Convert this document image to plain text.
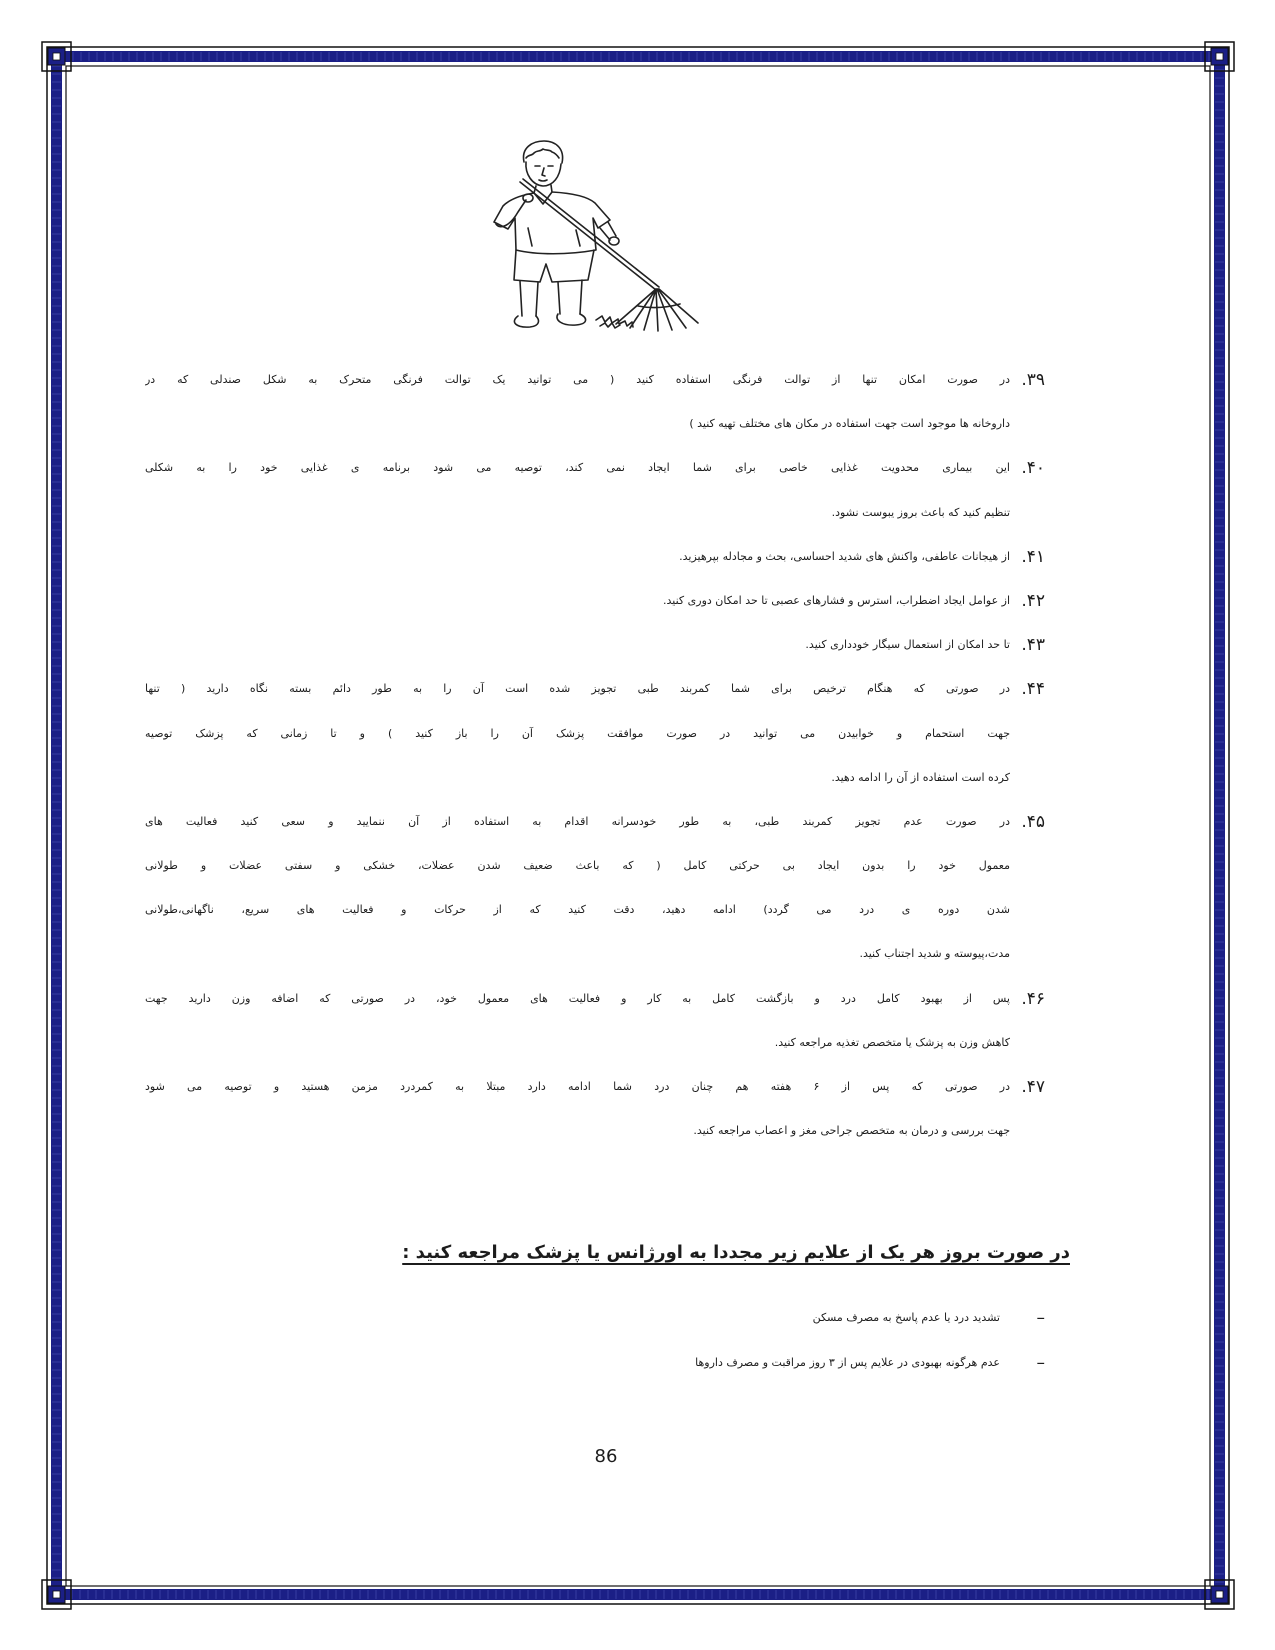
۳۹.
در صورت امکان تنها از توالت فرنگی استفاده کنید ( می توانید یک توالت فرنگی متحرک به شکل صندلی که در
داروخانه ها موجود است جهت استفاده در مکان های مختلف تهیه کنید )
۴۰.
این بیماری محدویت غذایی خاصی برای شما ایجاد نمی کند، توصیه می شود برنامه ی غذایی خود را به شکلی
تنظیم کنید که باعث بروز یبوست نشود.
۴۱.
از هیجانات عاطفی، واکنش های شدید احساسی، بحث و مجادله بپرهیزید.
۴۲.
از عوامل ایجاد اضطراب، استرس و فشارهای عصبی تا حد امکان دوری کنید.
۴۳.
تا حد امکان از استعمال سیگار خودداری کنید.
۴۴.
در صورتی که هنگام ترخیص برای شما کمربند طبی تجویز شده است آن را به طور دائم بسته نگاه دارید ( تنها
جهت استحمام و خوابیدن می توانید در صورت موافقت پزشک آن را باز کنید ) و تا زمانی که پزشک توصیه
کرده است استفاده از آن را ادامه دهید.
۴۵.
در صورت عدم تجویز کمربند طبی، به طور خودسرانه اقدام به استفاده از آن ننمایید و سعی کنید فعالیت های
معمول خود را بدون ایجاد بی حرکتی کامل ( که باعث ضعیف شدن عضلات، خشکی و سفتی عضلات و طولانی
شدن دوره ی درد می گردد) ادامه دهید، دقت کنید که از حرکات و فعالیت های سریع، ناگهانی،طولانی
مدت،پیوسته و شدید اجتناب کنید.
۴۶.
پس از بهبود کامل درد و بازگشت کامل به کار و فعالیت های معمول خود، در صورتی که اضافه وزن دارید جهت
کاهش وزن به پزشک یا متخصص تغذیه مراجعه کنید.
۴۷.
در صورتی که پس از ۶ هفته هم چنان درد شما ادامه دارد مبتلا به کمردرد مزمن هستید و توصیه می شود
جهت بررسی و درمان به متخصص جراحی مغز و اعصاب مراجعه کنید.
در صورت بروز هر یک از علایم زیر مجددا به اورژانس یا پزشک مراجعه کنید :
–
تشدید درد یا عدم پاسخ به مصرف مسکن
–
عدم هرگونه بهبودی در علایم پس از ۳ روز مراقبت و مصرف داروها
86
